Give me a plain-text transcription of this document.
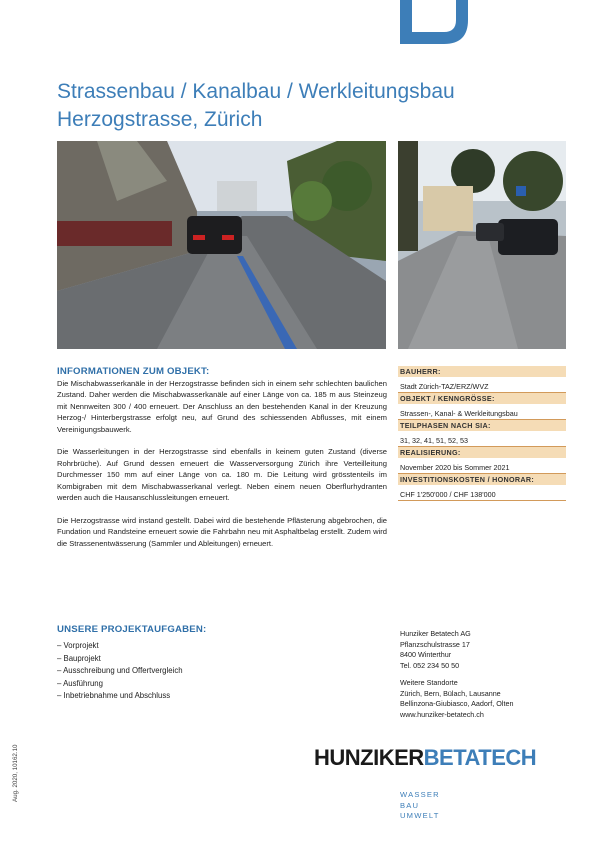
Strassenbau / Kanalbau / Werkleitungsbau
Herzogstrasse, Zürich
INFORMATIONEN ZUM OBJEKT:

Die Mischabwasserkanäle in der Herzogstrasse befinden sich in einem sehr schlechten baulichen Zustand. Daher werden die Mischabwasserkanäle auf einer Länge von ca. 185 m aus Steinzeug mit Nennweiten 300 / 400 erneuert. Der Anschluss an den bestehenden Kanal in der Kreuzung Herzog-/ Hinterbergstrasse erfolgt neu, auf Grund des schiessenden Abflusses, mit einem Vereinigungsbauwerk.

Die Wasserleitungen in der Herzogstrasse sind ebenfalls in keinem guten Zustand (diverse Rohrbrüche). Auf Grund dessen erneuert die Wasserversorgung Zürich ihre Verteilleitung Durchmesser 150 mm auf einer Länge von ca. 180 m. Die Leitung wird grösstenteils im Kombigraben mit dem Mischabwasserkanal verlegt. Neben einem neuen Oberflurhydranten werden auch die Hausanschlussleitungen erneuert.

Die Herzogstrasse wird instand gestellt. Dabei wird die bestehende Pflästerung abgebrochen, die Fundation und Randsteine erneuert sowie die Fahrbahn neu mit Asphaltbelag erstellt. Zudem wird die Strassenentwässerung (Sammler und Ableitungen) erneuert.

BAUHERR:
Stadt Zürich-TAZ/ERZ/WVZ
OBJEKT / KENNGRÖSSE:
Strassen-, Kanal- & Werkleitungsbau
TEILPHASEN NACH SIA:
31, 32, 41, 51, 52, 53
REALISIERUNG:
November 2020 bis Sommer 2021
INVESTITIONSKOSTEN / HONORAR:
CHF 1'250'000 / CHF 138'000
UNSERE PROJEKTAUFGABEN:
– Vorprojekt
– Bauprojekt
– Ausschreibung und Offertvergleich
– Ausführung
– Inbetriebnahme und Abschluss
Hunziker Betatech AG
Pflanzschulstrasse 17
8400 Winterthur
Tel. 052 234 50 50
Weitere Standorte
Zürich, Bern, Bülach, Lausanne
Bellinzona-Giubiasco, Aadorf, Olten
www.hunziker-betatech.ch
HUNZIKERBETATECH
WASSER
BAU
UMWELT
Aug. 2020, 10162.10
